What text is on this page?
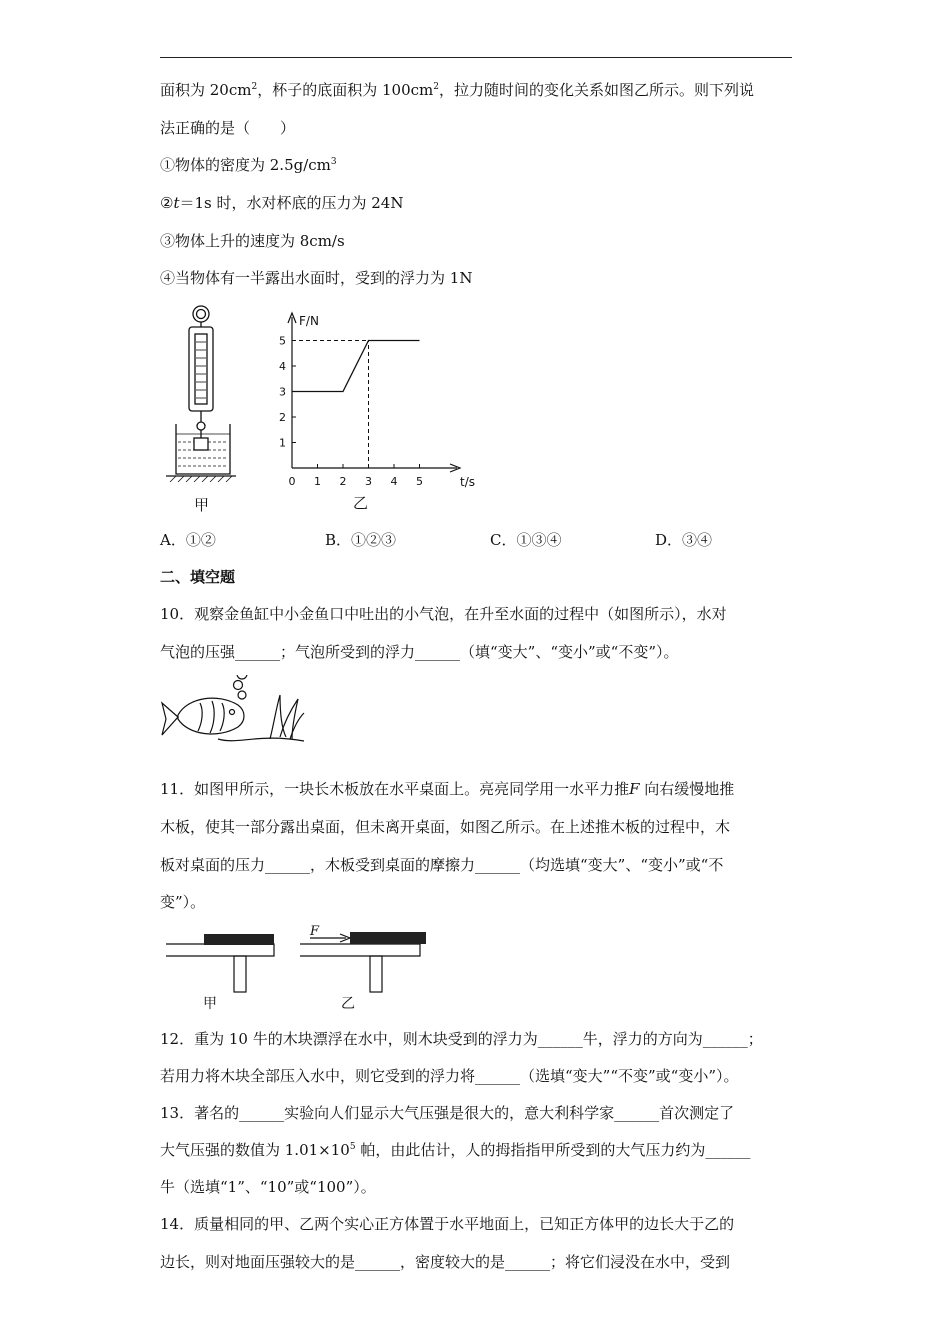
面积为 $20cm^2$，杯子的底面积为 $100cm^2$，拉力随时间的变化关系如图乙所示。则下列说
法正确的是（　　）
①物体的密度为 $2.5g/cm^3$
②t＝1s 时，水对杯底的压力为 24N
③物体上升的速度为 8cm/s
④当物体有一半露出水面时，受到的浮力为 1N
甲
0 1 2 3 4 5
1
2
3
4
5
F/N
t/s
乙
A．①②	B．①②③	C．①③④	D．③④
二、填空题
10．观察金鱼缸中小金鱼口中吐出的小气泡，在升至水面的过程中（如图所示），水对
气泡的压强______；气泡所受到的浮力______（填“变大”、“变小”或“不变”）。
11．如图甲所示，一块长木板放在水平桌面上。亮亮同学用一水平力推F 向右缓慢地推
木板，使其一部分露出桌面，但未离开桌面，如图乙所示。在上述推木板的过程中，木
板对桌面的压力______，木板受到桌面的摩擦力______（均选填“变大”、“变小”或“不
变”）。
F
甲	乙
12．重为 10 牛的木块漂浮在水中，则木块受到的浮力为______牛，浮力的方向为______；
若用力将木块全部压入水中，则它受到的浮力将______（选填“变大”“不变”或“变小”）。
13．著名的______实验向人们显示大气压强是很大的，意大利科学家______首次测定了
大气压强的数值为 $1.01\times 10^5$ 帕，由此估计，人的拇指指甲所受到的大气压力约为______
牛（选填“1”、“10”或“100”）。
14．质量相同的甲、乙两个实心正方体置于水平地面上，已知正方体甲的边长大于乙的
边长，则对地面压强较大的是______，密度较大的是______；将它们浸没在水中，受到
